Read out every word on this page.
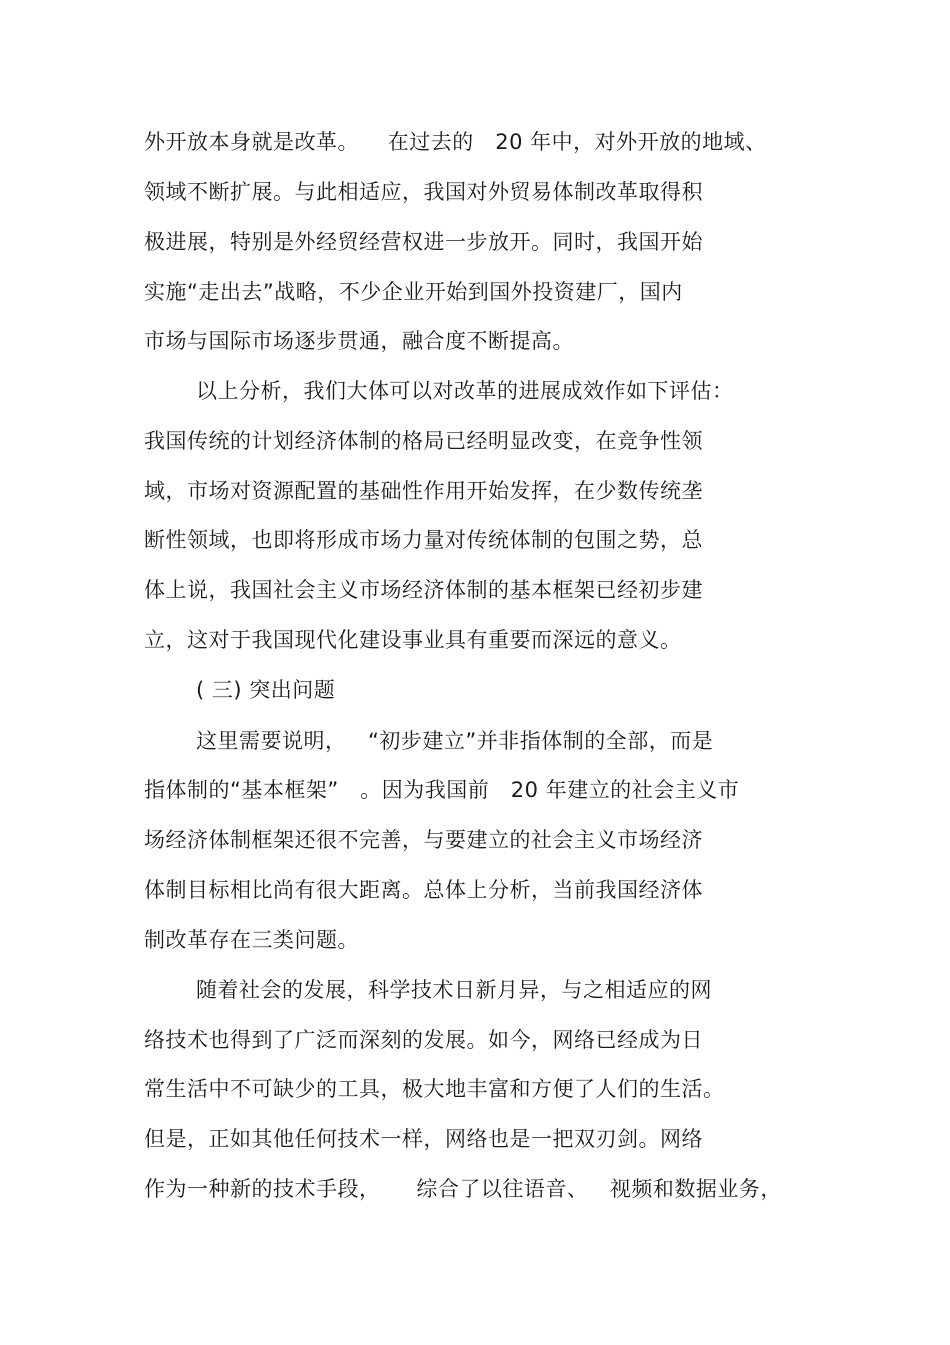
外开放本身就是改革。    在过去的   20 年中，对外开放的地域、
领域不断扩展。与此相适应，我国对外贸易体制改革取得积
极进展，特别是外经贸经营权进一步放开。同时，我国开始
实施“走出去”战略，不少企业开始到国外投资建厂，国内
市场与国际市场逐步贯通，融合度不断提高。
以上分析，我们大体可以对改革的进展成效作如下评估：
我国传统的计划经济体制的格局已经明显改变，在竞争性领
域，市场对资源配置的基础性作用开始发挥，在少数传统垄
断性领域，也即将形成市场力量对传统体制的包围之势，总
体上说，我国社会主义市场经济体制的基本框架已经初步建
立，这对于我国现代化建设事业具有重要而深远的意义。
( 三) 突出问题
这里需要说明，   “初步建立”并非指体制的全部，而是
指体制的“基本框架”   。因为我国前   20 年建立的社会主义市
场经济体制框架还很不完善，与要建立的社会主义市场经济
体制目标相比尚有很大距离。总体上分析，当前我国经济体
制改革存在三类问题。
随着社会的发展，科学技术日新月异，与之相适应的网
络技术也得到了广泛而深刻的发展。如今，网络已经成为日
常生活中不可缺少的工具，极大地丰富和方便了人们的生活。
但是，正如其他任何技术一样，网络也是一把双刃剑。网络
作为一种新的技术手段，     综合了以往语音、   视频和数据业务，
